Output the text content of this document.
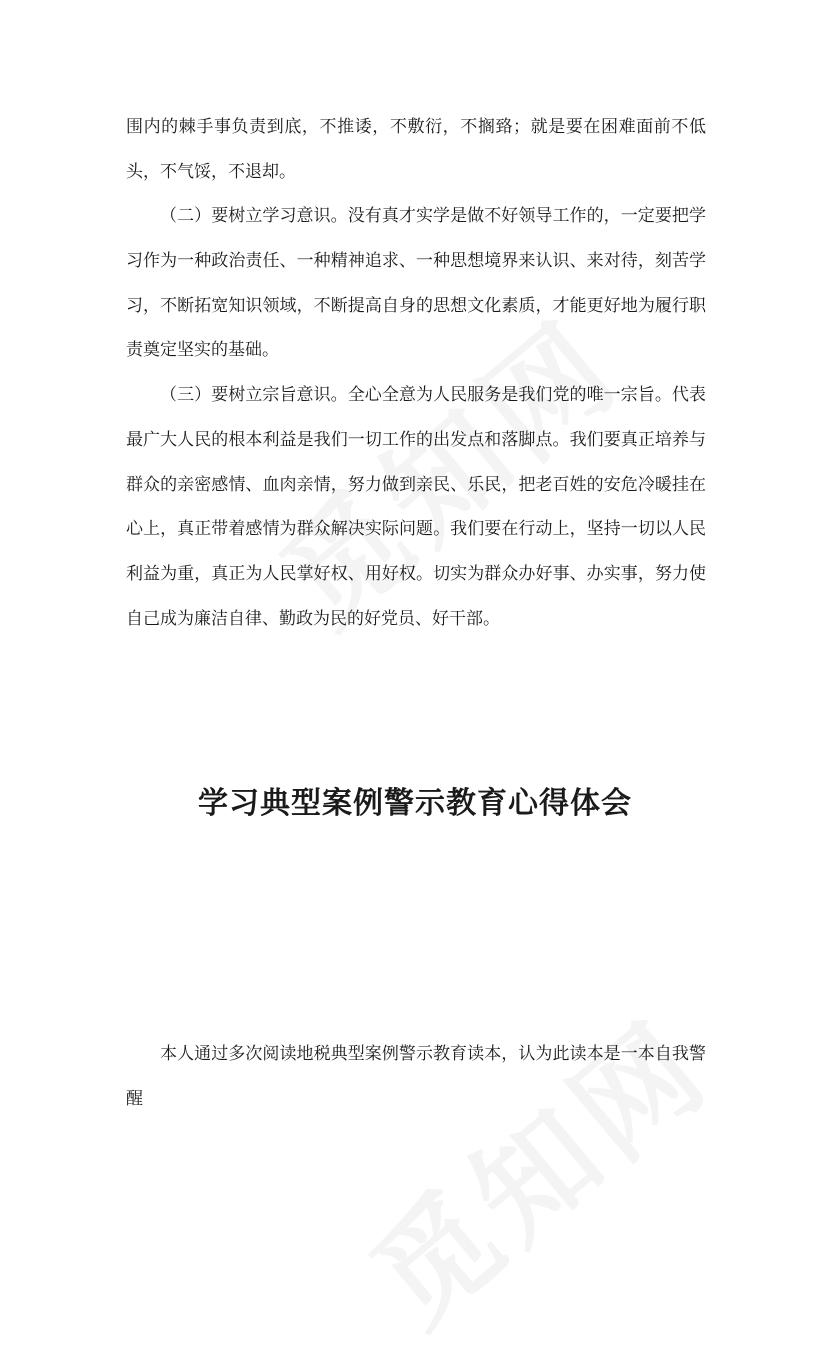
围内的棘手事负责到底，不推诿，不敷衍，不搁臵；就是要在困难面前不低头，不气馁，不退却。

（二）要树立学习意识。没有真才实学是做不好领导工作的，一定要把学习作为一种政治责任、一种精神追求、一种思想境界来认识、来对待，刻苦学习，不断拓宽知识领域，不断提高自身的思想文化素质，才能更好地为履行职责奠定坚实的基础。

（三）要树立宗旨意识。全心全意为人民服务是我们党的唯一宗旨。代表最广大人民的根本利益是我们一切工作的出发点和落脚点。我们要真正培养与群众的亲密感情、血肉亲情，努力做到亲民、乐民，把老百姓的安危冷暖挂在心上，真正带着感情为群众解决实际问题。我们要在行动上，坚持一切以人民利益为重，真正为人民掌好权、用好权。切实为群众办好事、办实事，努力使自己成为廉洁自律、勤政为民的好党员、好干部。

学习典型案例警示教育心得体会

本人通过多次阅读地税典型案例警示教育读本，认为此读本是一本自我警醒
